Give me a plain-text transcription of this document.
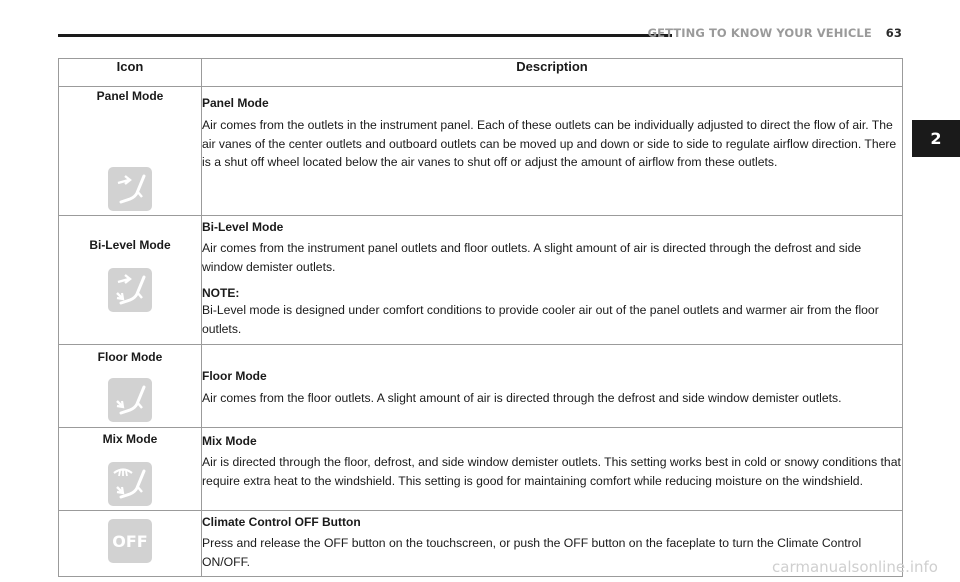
GETTING TO KNOW YOUR VEHICLE 63
2
Icon	Description

Panel Mode	Panel Mode

Air comes from the outlets in the instrument panel. Each of these outlets can be individually adjusted to direct the flow of air. The air vanes of the center outlets and outboard outlets can be moved up and down or side to side to regulate airflow direction. There is a shut off wheel located below the air vanes to shut off or adjust the amount of airflow from these outlets.

Bi-Level Mode	Bi-Level Mode

Air comes from the instrument panel outlets and floor outlets. A slight amount of air is directed through the defrost and side window demister outlets.

NOTE:

Bi-Level mode is designed under comfort conditions to provide cooler air out of the panel outlets and warmer air from the floor outlets.

Floor Mode	Floor Mode

Air comes from the floor outlets. A slight amount of air is directed through the defrost and side window demister outlets.

Mix Mode	Mix Mode

Air is directed through the floor, defrost, and side window demister outlets. This setting works best in cold or snowy conditions that require extra heat to the windshield. This setting is good for maintaining comfort while reducing moisture on the windshield.

OFF	Climate Control OFF Button

Press and release the OFF button on the touchscreen, or push the OFF button on the faceplate to turn the Climate Control ON/OFF.	carmanualsonline.info
